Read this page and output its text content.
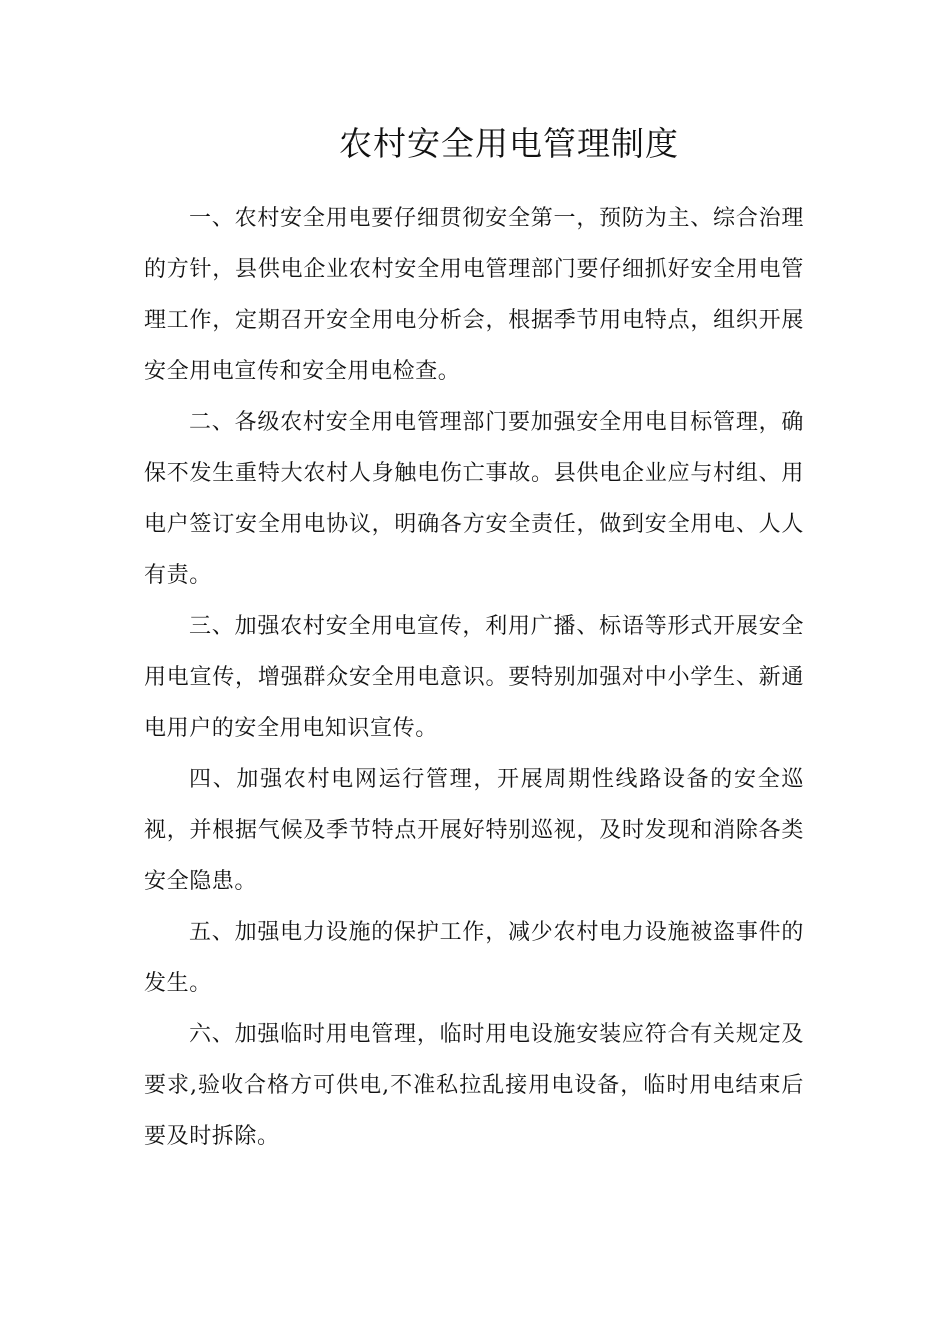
农村安全用电管理制度

一、农村安全用电要仔细贯彻安全第一，预防为主、综合治理的方针，县供电企业农村安全用电管理部门要仔细抓好安全用电管理工作，定期召开安全用电分析会，根据季节用电特点，组织开展安全用电宣传和安全用电检查。

二、各级农村安全用电管理部门要加强安全用电目标管理，确保不发生重特大农村人身触电伤亡事故。县供电企业应与村组、用电户签订安全用电协议，明确各方安全责任，做到安全用电、人人有责。

三、加强农村安全用电宣传，利用广播、标语等形式开展安全用电宣传，增强群众安全用电意识。要特别加强对中小学生、新通电用户的安全用电知识宣传。

四、加强农村电网运行管理，开展周期性线路设备的安全巡视，并根据气候及季节特点开展好特别巡视，及时发现和消除各类安全隐患。

五、加强电力设施的保护工作，减少农村电力设施被盗事件的发生。

六、加强临时用电管理，临时用电设施安装应符合有关规定及要求,验收合格方可供电,不准私拉乱接用电设备，临时用电结束后要及时拆除。
